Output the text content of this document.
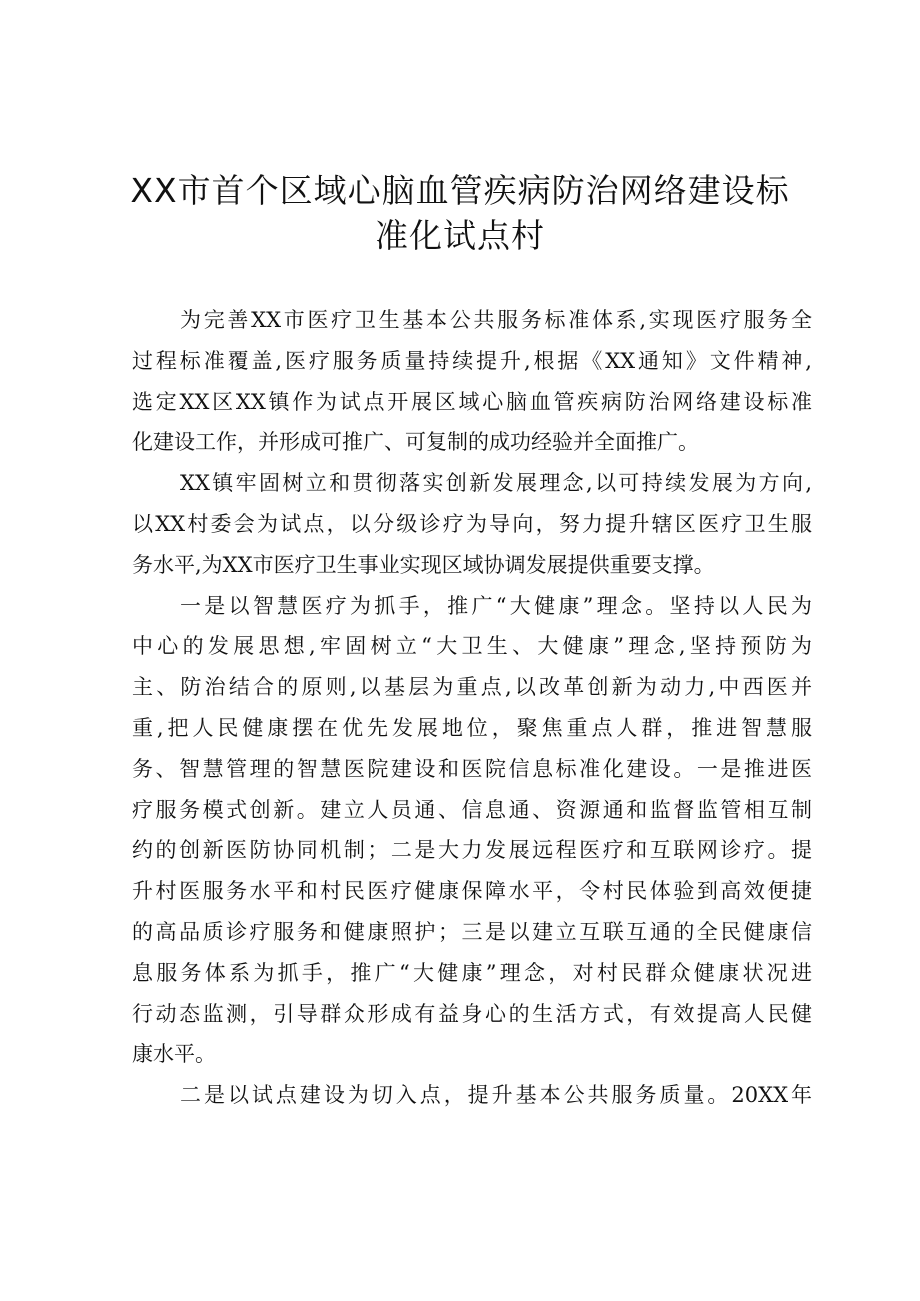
XX市首个区域心脑血管疾病防治网络建设标
准化试点村
为完善XX市医疗卫生基本公共服务标准体系,实现医疗服务全
过程标准覆盖,医疗服务质量持续提升,根据《XX通知》文件精神,
选定XX区XX镇作为试点开展区域心脑血管疾病防治网络建设标准
化建设工作，并形成可推广、可复制的成功经验并全面推广。
XX镇牢固树立和贯彻落实创新发展理念,以可持续发展为方向,
以XX村委会为试点，以分级诊疗为导向，努力提升辖区医疗卫生服
务水平,为XX市医疗卫生事业实现区域协调发展提供重要支撑。
一是以智慧医疗为抓手，推广“大健康”理念。坚持以人民为
中心的发展思想,牢固树立“大卫生、大健康”理念,坚持预防为
主、防治结合的原则,以基层为重点,以改革创新为动力,中西医并
重,把人民健康摆在优先发展地位，聚焦重点人群，推进智慧服
务、智慧管理的智慧医院建设和医院信息标准化建设。一是推进医
疗服务模式创新。建立人员通、信息通、资源通和监督监管相互制
约的创新医防协同机制；二是大力发展远程医疗和互联网诊疗。提
升村医服务水平和村民医疗健康保障水平，令村民体验到高效便捷
的高品质诊疗服务和健康照护；三是以建立互联互通的全民健康信
息服务体系为抓手，推广“大健康”理念，对村民群众健康状况进
行动态监测，引导群众形成有益身心的生活方式，有效提高人民健
康水平。
二是以试点建设为切入点，提升基本公共服务质量。20XX年
